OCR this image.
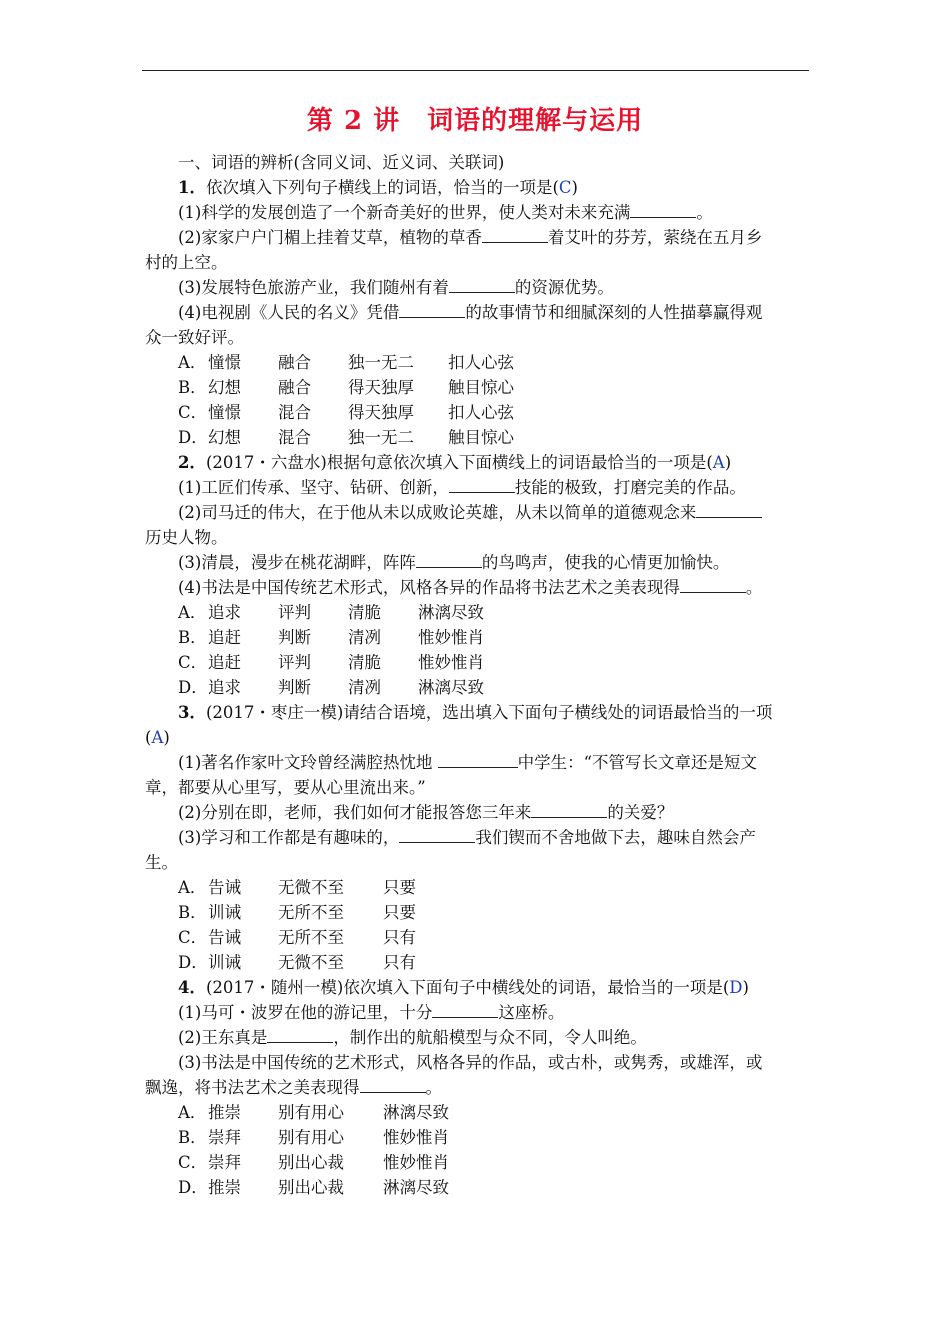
第 2 讲　词语的理解与运用
一、词语的辨析(含同义词、近义词、关联词)
1．依次填入下列句子横线上的词语，恰当的一项是(C)
(1)科学的发展创造了一个新奇美好的世界，使人类对未来充满	。
(2)家家户户门楣上挂着艾草，植物的草香	着艾叶的芬芳，萦绕在五月乡
村的上空。
(3)发展特色旅游产业，我们随州有着	的资源优势。
(4)电视剧《人民的名义》凭借	的故事情节和细腻深刻的人性描摹赢得观
众一致好评。
A． 憧憬	融合	独一无二	扣人心弦
B． 幻想	融合	得天独厚	触目惊心
C． 憧憬	混合	得天独厚	扣人心弦
D． 幻想	混合	独一无二	触目惊心
2．(2017・六盘水)根据句意依次填入下面横线上的词语最恰当的一项是(A)
(1)工匠们传承、坚守、钻研、创新，	技能的极致，打磨完美的作品。
(2)司马迁的伟大，在于他从未以成败论英雄，从未以简单的道德观念来
历史人物。
(3)清晨，漫步在桃花湖畔，阵阵	的鸟鸣声，使我的心情更加愉快。
(4)书法是中国传统艺术形式，风格各异的作品将书法艺术之美表现得	。
A． 追求	评判	清脆	淋漓尽致
B． 追赶	判断	清冽	惟妙惟肖
C． 追赶	评判	清脆	惟妙惟肖
D． 追求	判断	清冽	淋漓尽致
3．(2017・枣庄一模)请结合语境，选出填入下面句子横线处的词语最恰当的一项
(A)
(1)著名作家叶文玲曾经满腔热忱地	中学生：“不管写长文章还是短文
章，都要从心里写，要从心里流出来。”
(2)分别在即，老师，我们如何才能报答您三年来	的关爱？
(3)学习和工作都是有趣味的，	我们锲而不舍地做下去，趣味自然会产
生。
A． 告诫	无微不至	只要
B． 训诫	无所不至	只要
C． 告诫	无所不至	只有
D． 训诫	无微不至	只有
4．(2017・随州一模)依次填入下面句子中横线处的词语，最恰当的一项是(D)
(1)马可・波罗在他的游记里，十分	这座桥。
(2)王东真是	，制作出的航船模型与众不同，令人叫绝。
(3)书法是中国传统的艺术形式，风格各异的作品，或古朴，或隽秀，或雄浑，或
飘逸，将书法艺术之美表现得	。
A． 推崇	别有用心	淋漓尽致
B． 崇拜	别有用心	惟妙惟肖
C． 崇拜	别出心裁	惟妙惟肖
D． 推崇	别出心裁	淋漓尽致
